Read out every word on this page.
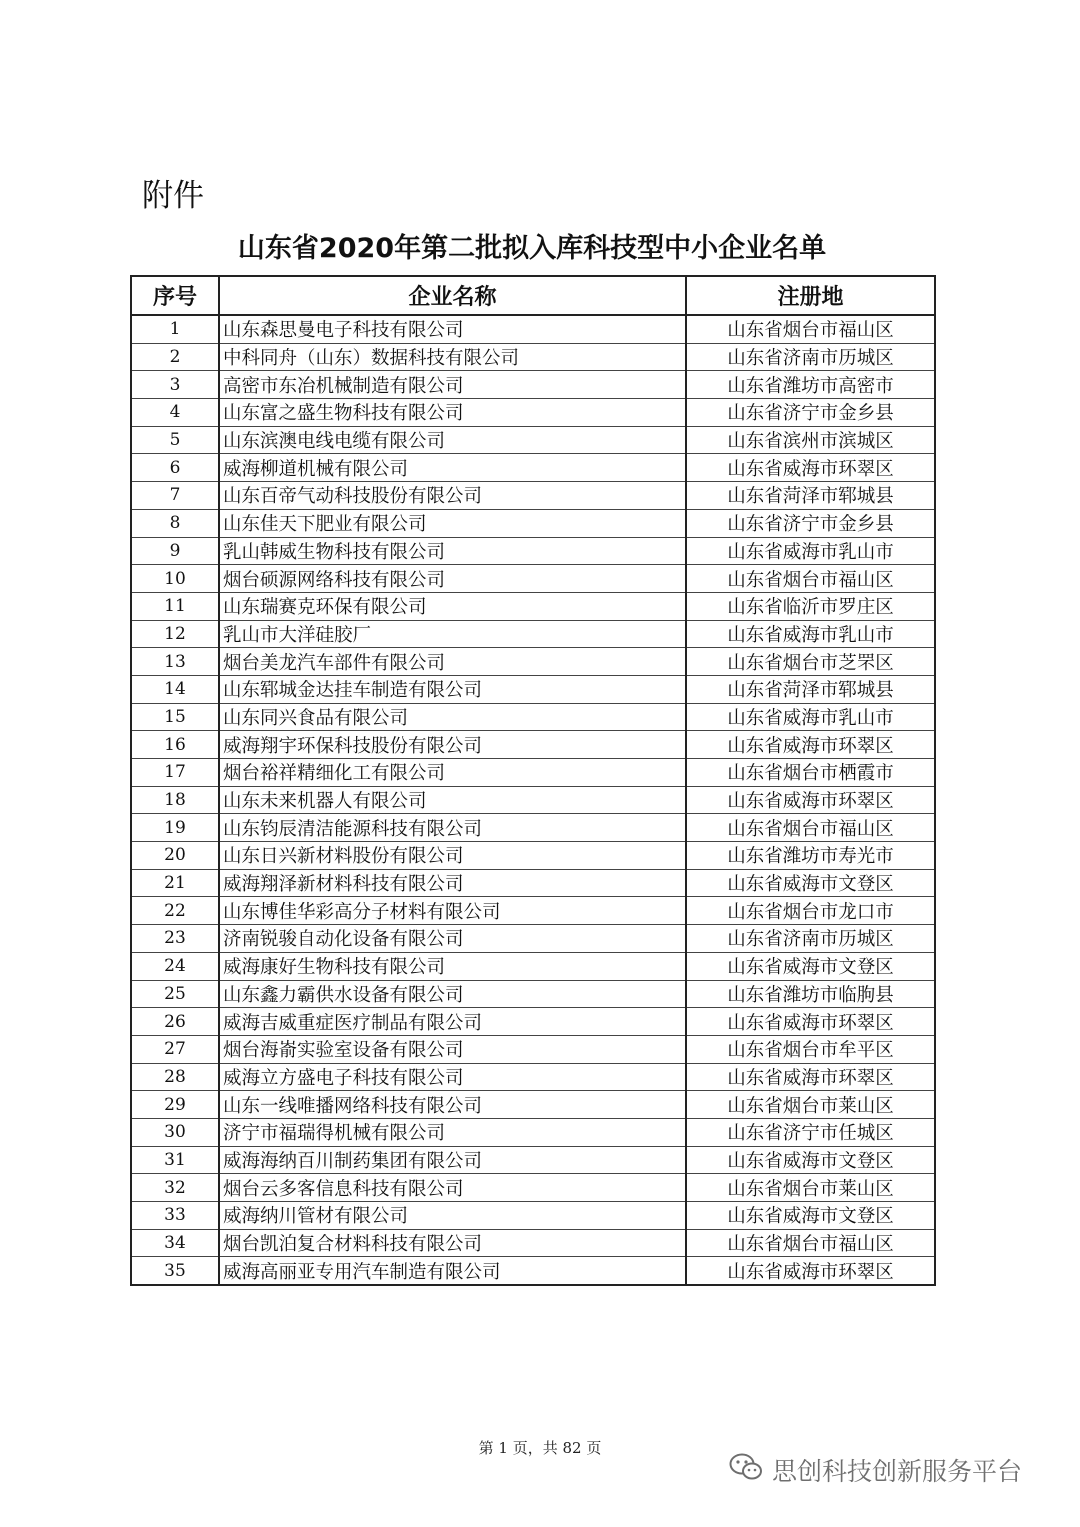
附件
山东省2020年第二批拟入库科技型中小企业名单
序号	企业名称	注册地
1	山东森思曼电子科技有限公司	山东省烟台市福山区
2	中科同舟（山东）数据科技有限公司	山东省济南市历城区
3	高密市东冶机械制造有限公司	山东省潍坊市高密市
4	山东富之盛生物科技有限公司	山东省济宁市金乡县
5	山东滨澳电线电缆有限公司	山东省滨州市滨城区
6	威海柳道机械有限公司	山东省威海市环翠区
7	山东百帝气动科技股份有限公司	山东省菏泽市郓城县
8	山东佳天下肥业有限公司	山东省济宁市金乡县
9	乳山韩威生物科技有限公司	山东省威海市乳山市
10	烟台硕源网络科技有限公司	山东省烟台市福山区
11	山东瑞赛克环保有限公司	山东省临沂市罗庄区
12	乳山市大洋硅胶厂	山东省威海市乳山市
13	烟台美龙汽车部件有限公司	山东省烟台市芝罘区
14	山东郓城金达挂车制造有限公司	山东省菏泽市郓城县
15	山东同兴食品有限公司	山东省威海市乳山市
16	威海翔宇环保科技股份有限公司	山东省威海市环翠区
17	烟台裕祥精细化工有限公司	山东省烟台市栖霞市
18	山东未来机器人有限公司	山东省威海市环翠区
19	山东钧辰清洁能源科技有限公司	山东省烟台市福山区
20	山东日兴新材料股份有限公司	山东省潍坊市寿光市
21	威海翔泽新材料科技有限公司	山东省威海市文登区
22	山东博佳华彩高分子材料有限公司	山东省烟台市龙口市
23	济南锐骏自动化设备有限公司	山东省济南市历城区
24	威海康好生物科技有限公司	山东省威海市文登区
25	山东鑫力霸供水设备有限公司	山东省潍坊市临朐县
26	威海吉威重症医疗制品有限公司	山东省威海市环翠区
27	烟台海嵛实验室设备有限公司	山东省烟台市牟平区
28	威海立方盛电子科技有限公司	山东省威海市环翠区
29	山东一线唯播网络科技有限公司	山东省烟台市莱山区
30	济宁市福瑞得机械有限公司	山东省济宁市任城区
31	威海海纳百川制药集团有限公司	山东省威海市文登区
32	烟台云多客信息科技有限公司	山东省烟台市莱山区
33	威海纳川管材有限公司	山东省威海市文登区
34	烟台凯泊复合材料科技有限公司	山东省烟台市福山区
35	威海高丽亚专用汽车制造有限公司	山东省威海市环翠区
第 1 页，共 82 页
思创科技创新服务平台
